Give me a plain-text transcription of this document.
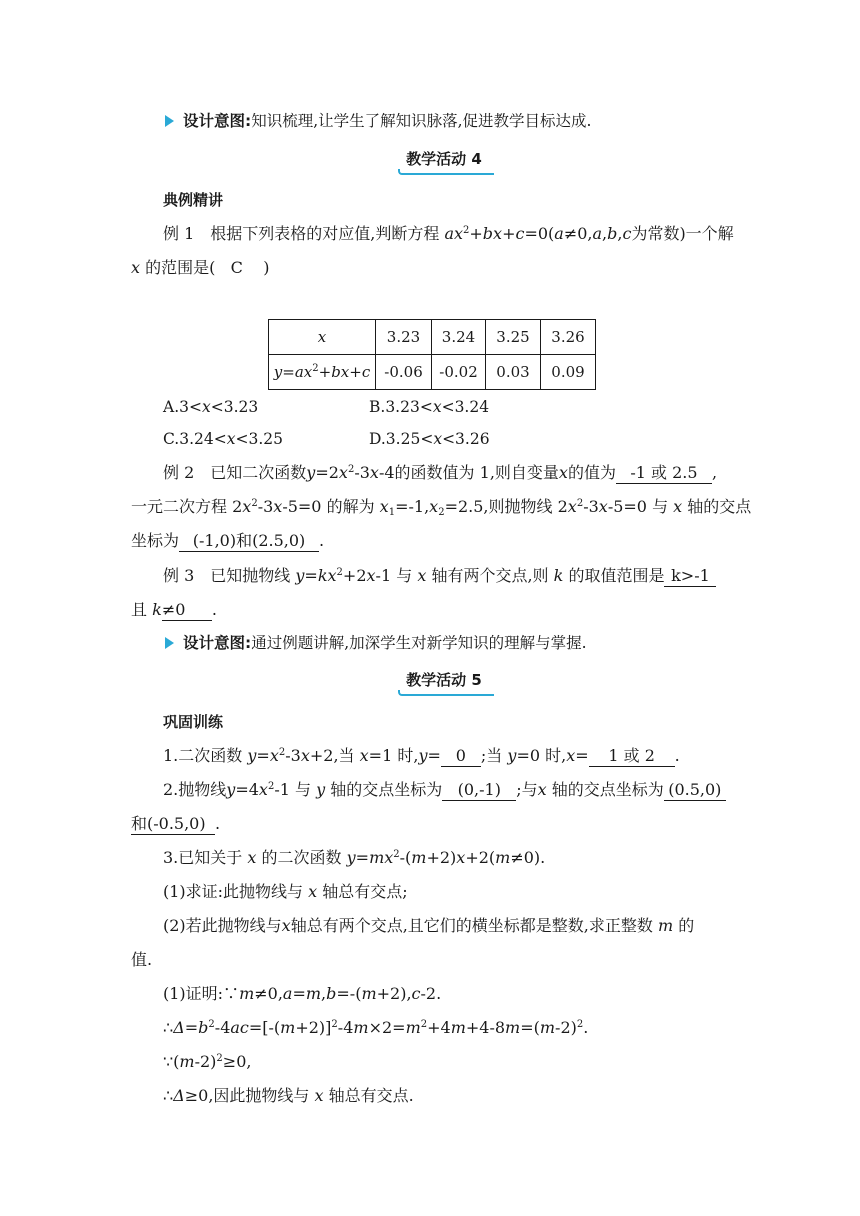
设计意图:知识梳理,让学生了解知识脉落,促进教学目标达成.
教学活动 4
典例精讲
例 1　根据下列表格的对应值,判断方程 $ax^2+bx+c=0(a\ne 0,a,b,c$为常数)一个解
x 的范围是( C )
x	3.23	3.24	3.25	3.26
$y=ax^2+bx+c$	-0.06	-0.02	0.03	0.09
A.3<x<3.23	B.3.23<x<3.24
C.3.24<x<3.25	D.3.25<x<3.26
例 2　已知二次函数$y=2x^2-3x-4$的函数值为 1,则自变量x的值为 -1 或 2.5 ,
一元二次方程 $2x^2-3x-5=0$ 的解为 $x_1=-1,x_2=2.5$,则抛物线 $2x^2-3x-5=0$ 与 x 轴的交点
坐标为 (-1,0)和(2.5,0) .
例 3　已知抛物线 $y=kx^2+2x-1$ 与 x 轴有两个交点,则 k 的取值范围是 k>-1
且 k≠0 .
设计意图:通过例题讲解,加深学生对新学知识的理解与掌握.
教学活动 5
巩固训练
1.二次函数 $y=x^2-3x+2$,当 x=1 时,y= 0 ;当 y=0 时,x= 1 或 2 .
2.抛物线$y=4x^2-1$ 与 y 轴的交点坐标为 (0,-1) ;与x 轴的交点坐标为 (0.5,0)
和(-0.5,0) .
3.已知关于 x 的二次函数 $y=mx^2-(m+2)x+2(m\ne 0)$.
(1)求证:此抛物线与 x 轴总有交点;
(2)若此抛物线与x轴总有两个交点,且它们的横坐标都是整数,求正整数 m 的
值.
(1)证明:∵m≠0,a=m,b=-(m+2),c-2.
$\therefore\Delta=b^2-4ac=[-(m+2)]^2-4m\times 2=m^2+4m+4-8m=(m-2)^2$.
$\because(m-2)^2\ge 0$,
∴Δ≥0,因此抛物线与 x 轴总有交点.
